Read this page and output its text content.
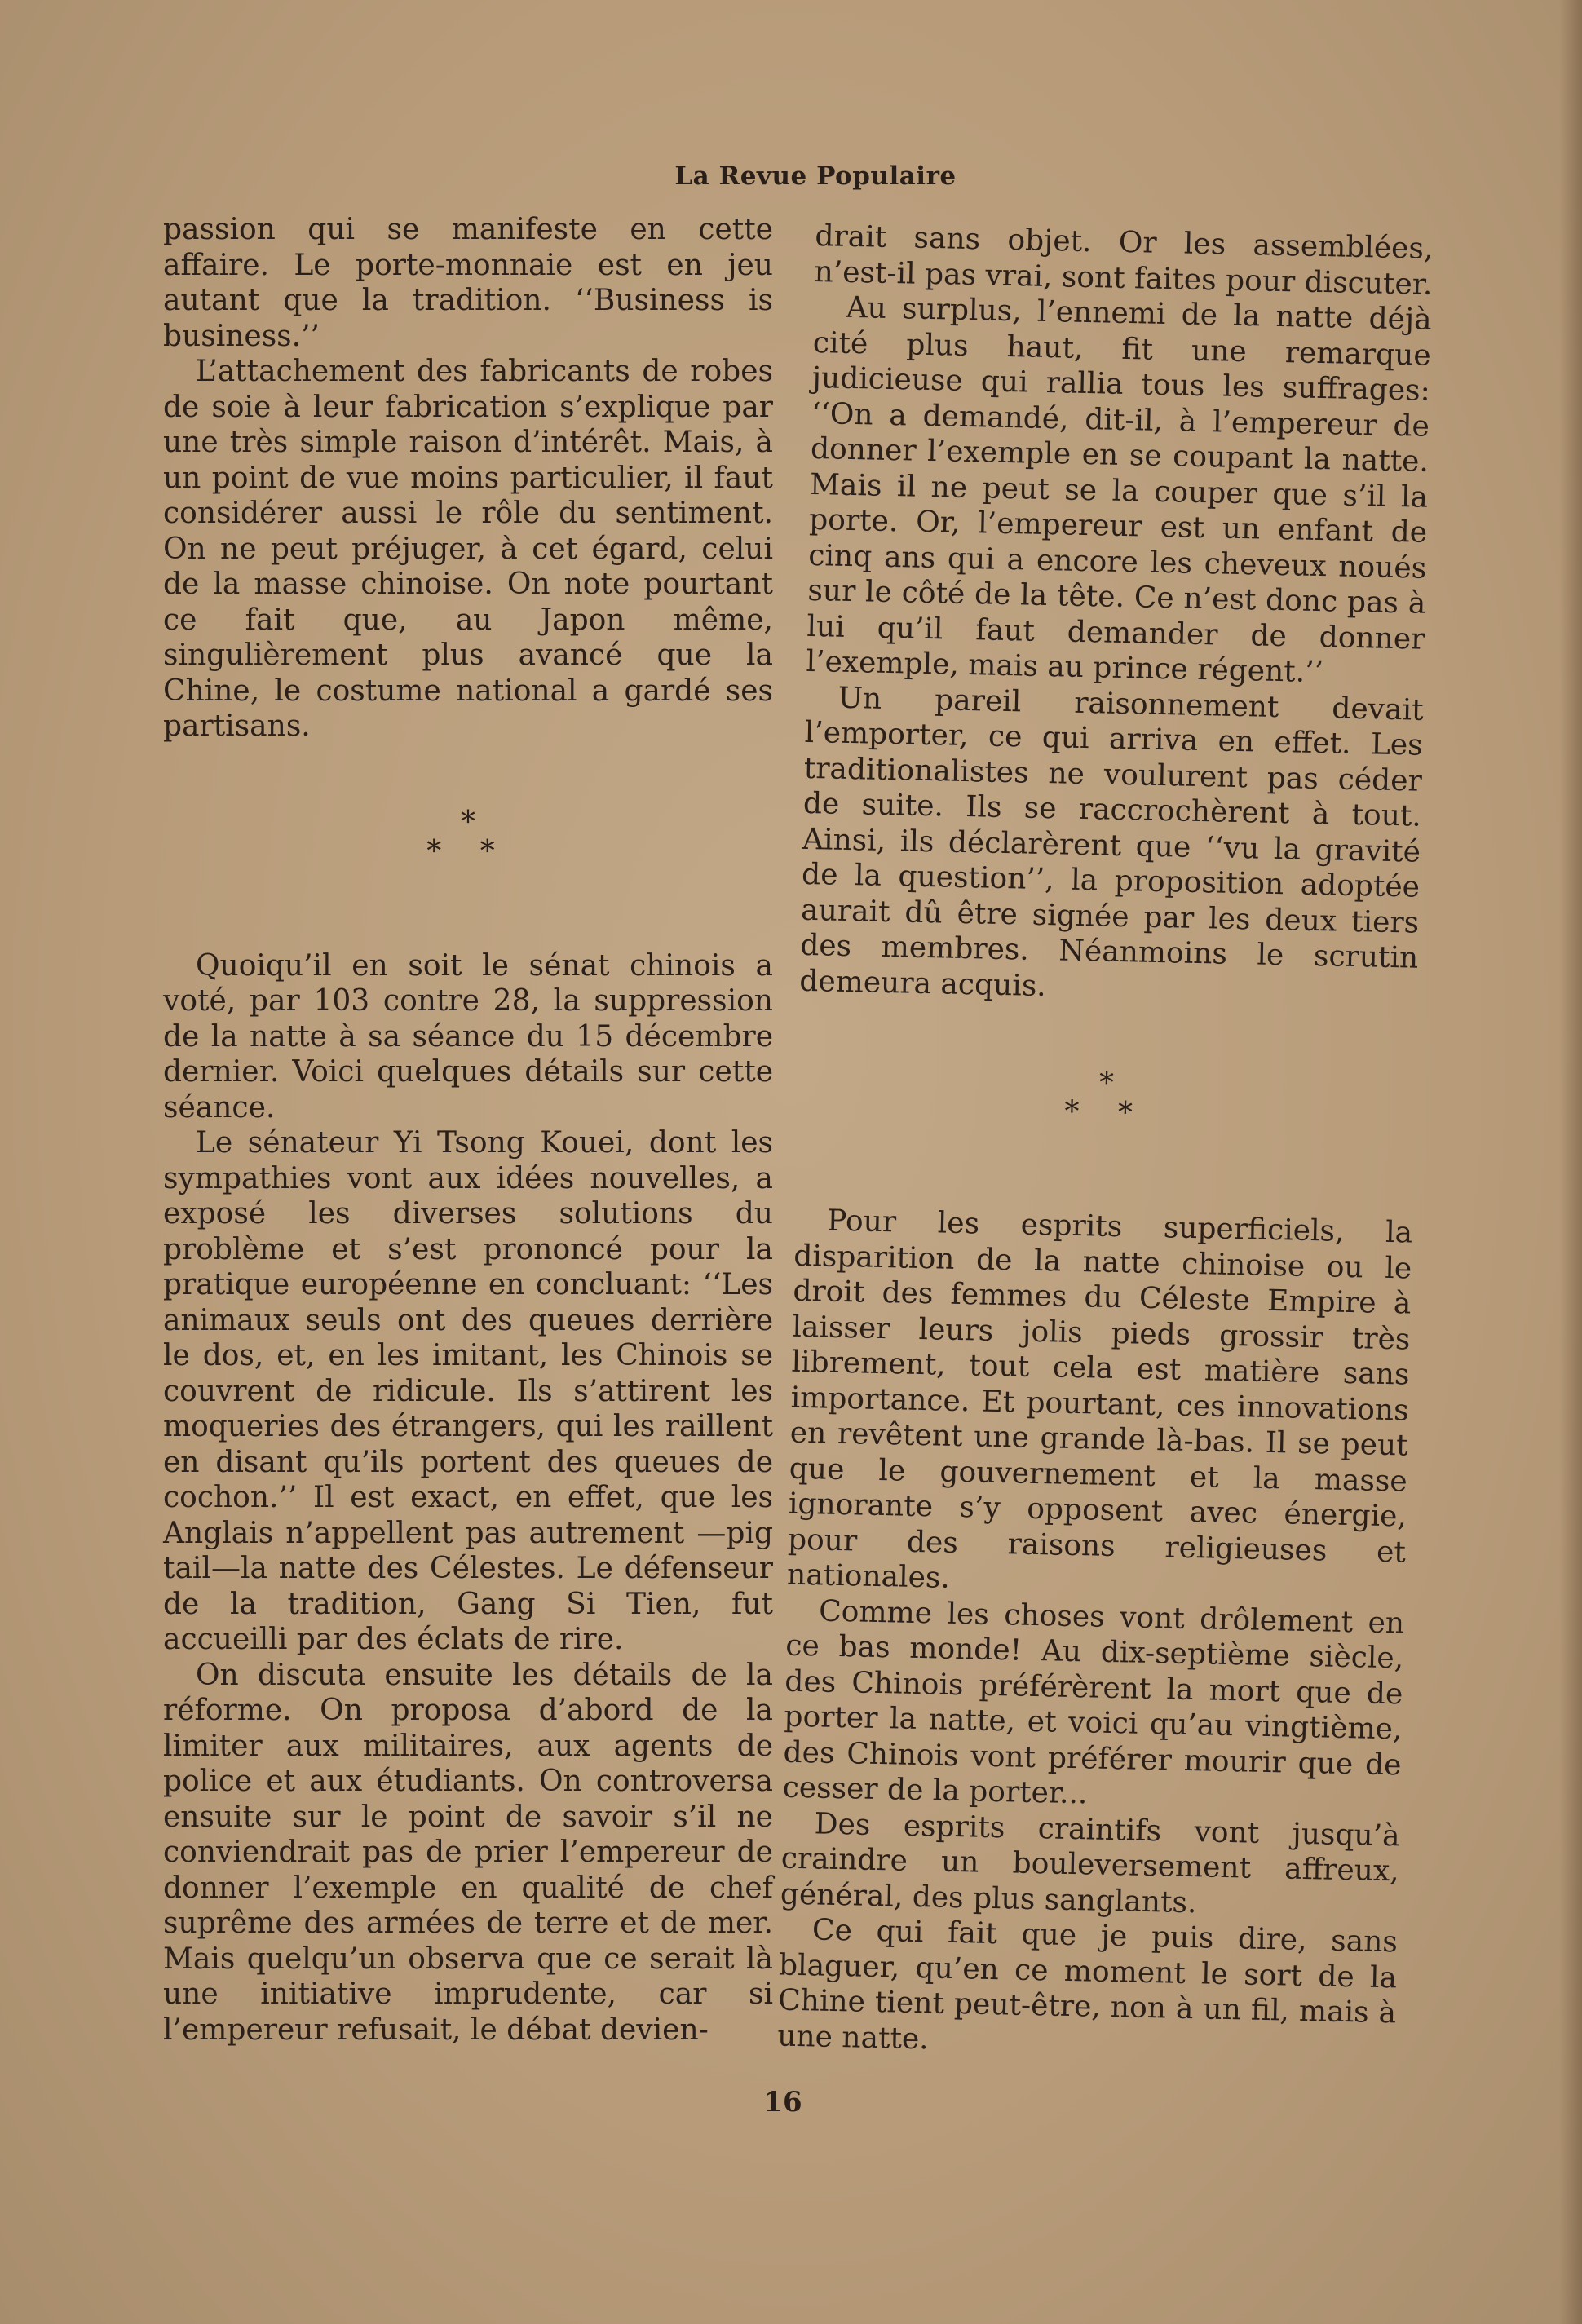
La Revue Populaire

passion qui se manifeste en cette affaire. Le porte-monnaie est en jeu autant que la tradition. ‘‘Business is business.’’

L’attachement des fabricants de robes de soie à leur fabrication s’explique par une très simple raison d’intérêt. Mais, à un point de vue moins particulier, il faut considérer aussi le rôle du sentiment. On ne peut préjuger, à cet égard, celui de la masse chinoise. On note pourtant ce fait que, au Japon même, singulièrement plus avancé que la Chine, le costume national a gardé ses partisans.

*
* *

Quoiqu’il en soit le sénat chinois a voté, par 103 contre 28, la suppression de la natte à sa séance du 15 décembre dernier. Voici quelques détails sur cette séance.

Le sénateur Yi Tsong Kouei, dont les sympathies vont aux idées nouvelles, a exposé les diverses solutions du problème et s’est prononcé pour la pratique européenne en concluant: ‘‘Les animaux seuls ont des queues derrière le dos, et, en les imitant, les Chinois se couvrent de ridicule. Ils s’attirent les moqueries des étrangers, qui les raillent en disant qu’ils portent des queues de cochon.’’ Il est exact, en effet, que les Anglais n’appellent pas autrement —pig tail—la natte des Célestes. Le défenseur de la tradition, Gang Si Tien, fut accueilli par des éclats de rire.

On discuta ensuite les détails de la réforme. On proposa d’abord de la limiter aux militaires, aux agents de police et aux étudiants. On controversa ensuite sur le point de savoir s’il ne conviendrait pas de prier l’empereur de donner l’exemple en qualité de chef suprême des armées de terre et de mer. Mais quelqu’un observa que ce serait là une initiative imprudente, car si l’empereur refusait, le débat devien-

drait sans objet. Or les assemblées, n’est-il pas vrai, sont faites pour discuter.

Au surplus, l’ennemi de la natte déjà cité plus haut, fit une remarque judicieuse qui rallia tous les suffrages: ‘‘On a demandé, dit-il, à l’empereur de donner l’exemple en se coupant la natte. Mais il ne peut se la couper que s’il la porte. Or, l’empereur est un enfant de cinq ans qui a encore les cheveux noués sur le côté de la tête. Ce n’est donc pas à lui qu’il faut demander de donner l’exemple, mais au prince régent.’’

Un pareil raisonnement devait l’emporter, ce qui arriva en effet. Les traditionalistes ne voulurent pas céder de suite. Ils se raccrochèrent à tout. Ainsi, ils déclarèrent que ‘‘vu la gravité de la question’’, la proposition adoptée aurait dû être signée par les deux tiers des membres. Néanmoins le scrutin demeura acquis.

*
* *

Pour les esprits superficiels, la disparition de la natte chinoise ou le droit des femmes du Céleste Empire à laisser leurs jolis pieds grossir très librement, tout cela est matière sans importance. Et pourtant, ces innovations en revêtent une grande là-bas. Il se peut que le gouvernement et la masse ignorante s’y opposent avec énergie, pour des raisons religieuses et nationales.

Comme les choses vont drôlement en ce bas monde! Au dix-septième siècle, des Chinois préférèrent la mort que de porter la natte, et voici qu’au vingtième, des Chinois vont préférer mourir que de cesser de la porter...

Des esprits craintifs vont jusqu’à craindre un bouleversement affreux, général, des plus sanglants.

Ce qui fait que je puis dire, sans blaguer, qu’en ce moment le sort de la Chine tient peut-être, non à un fil, mais à une natte.

16
